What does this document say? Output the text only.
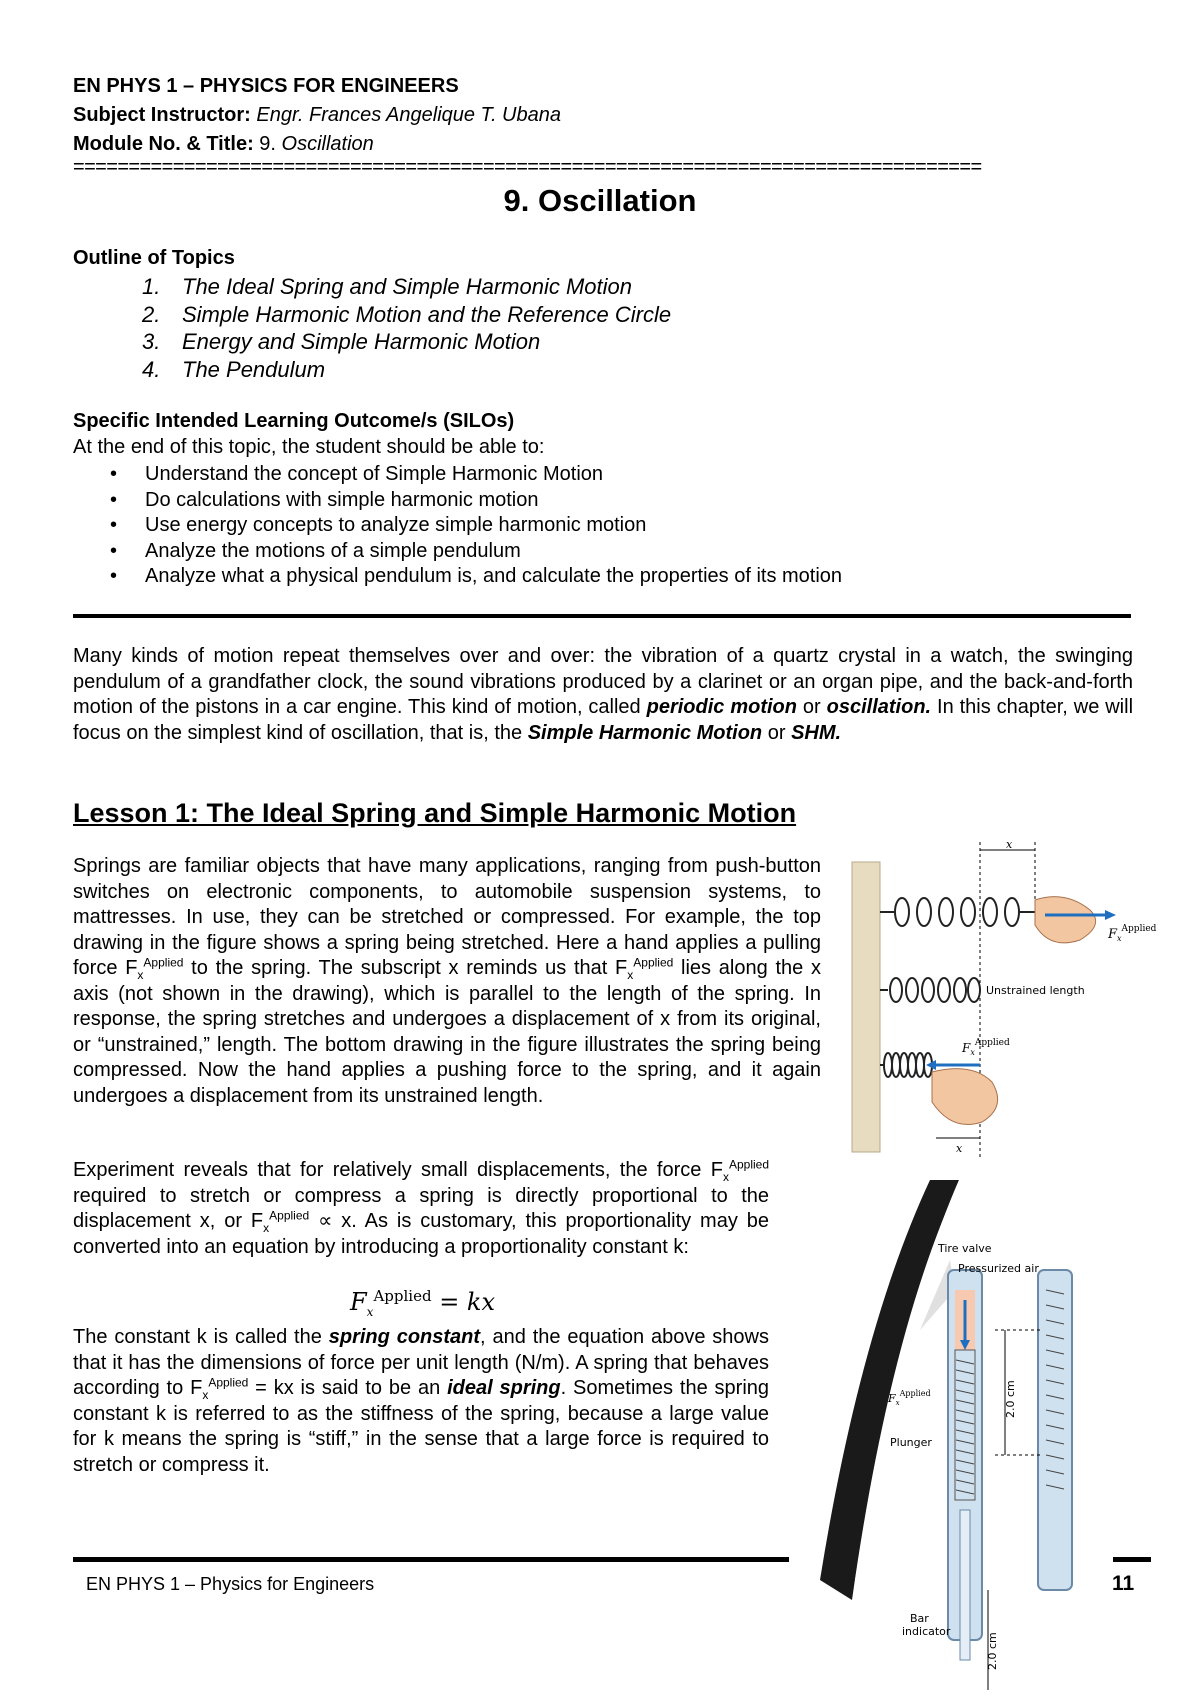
EN PHYS 1 – PHYSICS FOR ENGINEERS
Subject Instructor: Engr. Frances Angelique T. Ubana
Module No. & Title: 9. Oscillation
==================================================================================
9. Oscillation
Outline of Topics
1. The Ideal Spring and Simple Harmonic Motion
2. Simple Harmonic Motion and the Reference Circle
3. Energy and Simple Harmonic Motion
4. The Pendulum
Specific Intended Learning Outcome/s (SILOs)
At the end of this topic, the student should be able to:
• Understand the concept of Simple Harmonic Motion
• Do calculations with simple harmonic motion
• Use energy concepts to analyze simple harmonic motion
• Analyze the motions of a simple pendulum
• Analyze what a physical pendulum is, and calculate the properties of its motion
Many kinds of motion repeat themselves over and over: the vibration of a quartz crystal in a watch, the swinging pendulum of a grandfather clock, the sound vibrations produced by a clarinet or an organ pipe, and the back-and-forth motion of the pistons in a car engine. This kind of motion, called periodic motion or oscillation. In this chapter, we will focus on the simplest kind of oscillation, that is, the Simple Harmonic Motion or SHM.
Lesson 1: The Ideal Spring and Simple Harmonic Motion
Springs are familiar objects that have many applications, ranging from push-button switches on electronic components, to automobile suspension systems, to mattresses. In use, they can be stretched or compressed. For example, the top drawing in the figure shows a spring being stretched. Here a hand applies a pulling force $F_x^{Applied}$ to the spring. The subscript x reminds us that $F_x^{Applied}$ lies along the x axis (not shown in the drawing), which is parallel to the length of the spring. In response, the spring stretches and undergoes a displacement of x from its original, or “unstrained,” length. The bottom drawing in the figure illustrates the spring being compressed. Now the hand applies a pushing force to the spring, and it again undergoes a displacement from its unstrained length.
Experiment reveals that for relatively small displacements, the force $F_x^{Applied}$ required to stretch or compress a spring is directly proportional to the displacement x, or $F_x^{Applied} \propto x$. As is customary, this proportionality may be converted into an equation by introducing a proportionality constant k:
$F_x^{Applied}$ = kx
The constant k is called the spring constant, and the equation above shows that it has the dimensions of force per unit length (N/m). A spring that behaves according to $F_x^{Applied}$ = kx is said to be an ideal spring. Sometimes the spring constant k is referred to as the stiffness of the spring, because a large value for k means the spring is “stiff,” in the sense that a large force is required to stretch or compress it.
$F_x^{Applied}$
x
Unstrained length
$F_x^{Applied}$
x
2.0 cm
2.0 cm
Tire valve
Pressurized air
$F_x^{Applied}$
Plunger
Bar
indicator
EN PHYS 1 – Physics for Engineers	11
